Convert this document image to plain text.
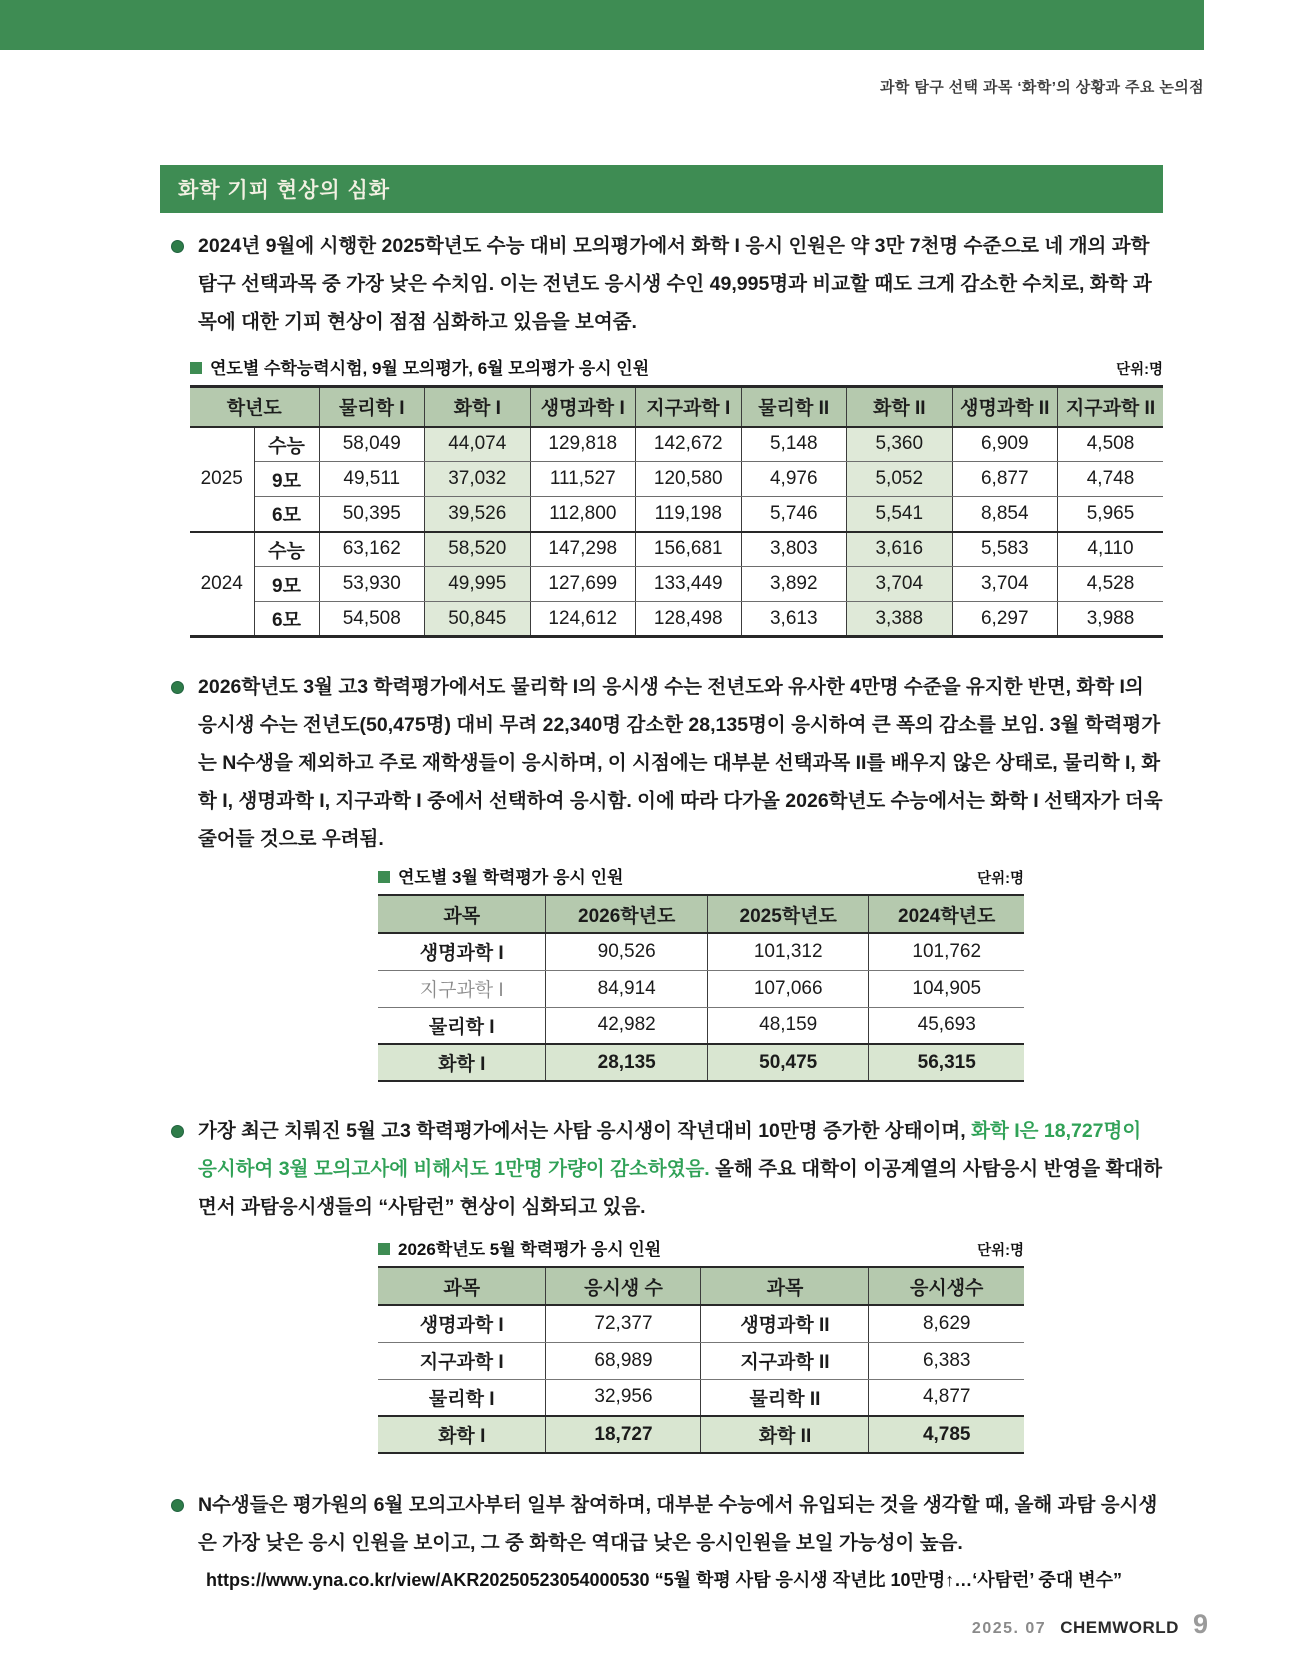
과학 탐구 선택 과목 ‘화학’의 상황과 주요 논의점
화학 기피 현상의 심화

2024년 9월에 시행한 2025학년도 수능 대비 모의평가에서 화학 I 응시 인원은 약 3만 7천명 수준으로 네 개의 과학 탐구 선택과목 중 가장 낮은 수치임. 이는 전년도 응시생 수인 49,995명과 비교할 때도 크게 감소한 수치로, 화학 과목에 대한 기피 현상이 점점 심화하고 있음을 보여줌.

연도별 수학능력시험, 9월 모의평가, 6월 모의평가 응시 인원	단위:명
학년도		물리학 I	화학 I	생명과학 I	지구과학 I	물리학 II	화학 II	생명과학 II	지구과학 II
2025	수능	58,049	44,074	129,818	142,672	5,148	5,360	6,909	4,508
	9모	49,511	37,032	111,527	120,580	4,976	5,052	6,877	4,748
	6모	50,395	39,526	112,800	119,198	5,746	5,541	8,854	5,965
2024	수능	63,162	58,520	147,298	156,681	3,803	3,616	5,583	4,110
	9모	53,930	49,995	127,699	133,449	3,892	3,704	3,704	4,528
	6모	54,508	50,845	124,612	128,498	3,613	3,388	6,297	3,988

2026학년도 3월 고3 학력평가에서도 물리학 I의 응시생 수는 전년도와 유사한 4만명 수준을 유지한 반면, 화학 I의 응시생 수는 전년도(50,475명) 대비 무려 22,340명 감소한 28,135명이 응시하여 큰 폭의 감소를 보임. 3월 학력평가는 N수생을 제외하고 주로 재학생들이 응시하며, 이 시점에는 대부분 선택과목 II를 배우지 않은 상태로, 물리학 I, 화학 I, 생명과학 I, 지구과학 I 중에서 선택하여 응시함. 이에 따라 다가올 2026학년도 수능에서는 화학 I 선택자가 더욱 줄어들 것으로 우려됨.

연도별 3월 학력평가 응시 인원	단위:명
과목	2026학년도	2025학년도	2024학년도
생명과학 I	90,526	101,312	101,762
지구과학 I	84,914	107,066	104,905
물리학 I	42,982	48,159	45,693
화학 I	28,135	50,475	56,315

가장 최근 치뤄진 5월 고3 학력평가에서는 사탐 응시생이 작년대비 10만명 증가한 상태이며, 화학 I은 18,727명이 응시하여 3월 모의고사에 비해서도 1만명 가량이 감소하였음. 올해 주요 대학이 이공계열의 사탐응시 반영을 확대하면서 과탐응시생들의 “사탐런” 현상이 심화되고 있음.

2026학년도 5월 학력평가 응시 인원	단위:명
과목	응시생 수	과목	응시생수
생명과학 I	72,377	생명과학 II	8,629
지구과학 I	68,989	지구과학 II	6,383
물리학 I	32,956	물리학 II	4,877
화학 I	18,727	화학 II	4,785

N수생들은 평가원의 6월 모의고사부터 일부 참여하며, 대부분 수능에서 유입되는 것을 생각할 때, 올해 과탐 응시생은 가장 낮은 응시 인원을 보이고, 그 중 화학은 역대급 낮은 응시인원을 보일 가능성이 높음.

https://www.yna.co.kr/view/AKR20250523054000530 “5월 학평 사탐 응시생 작년比 10만명↑…‘사탐런’ 중대 변수”
2025. 07 CHEMWORLD 9
